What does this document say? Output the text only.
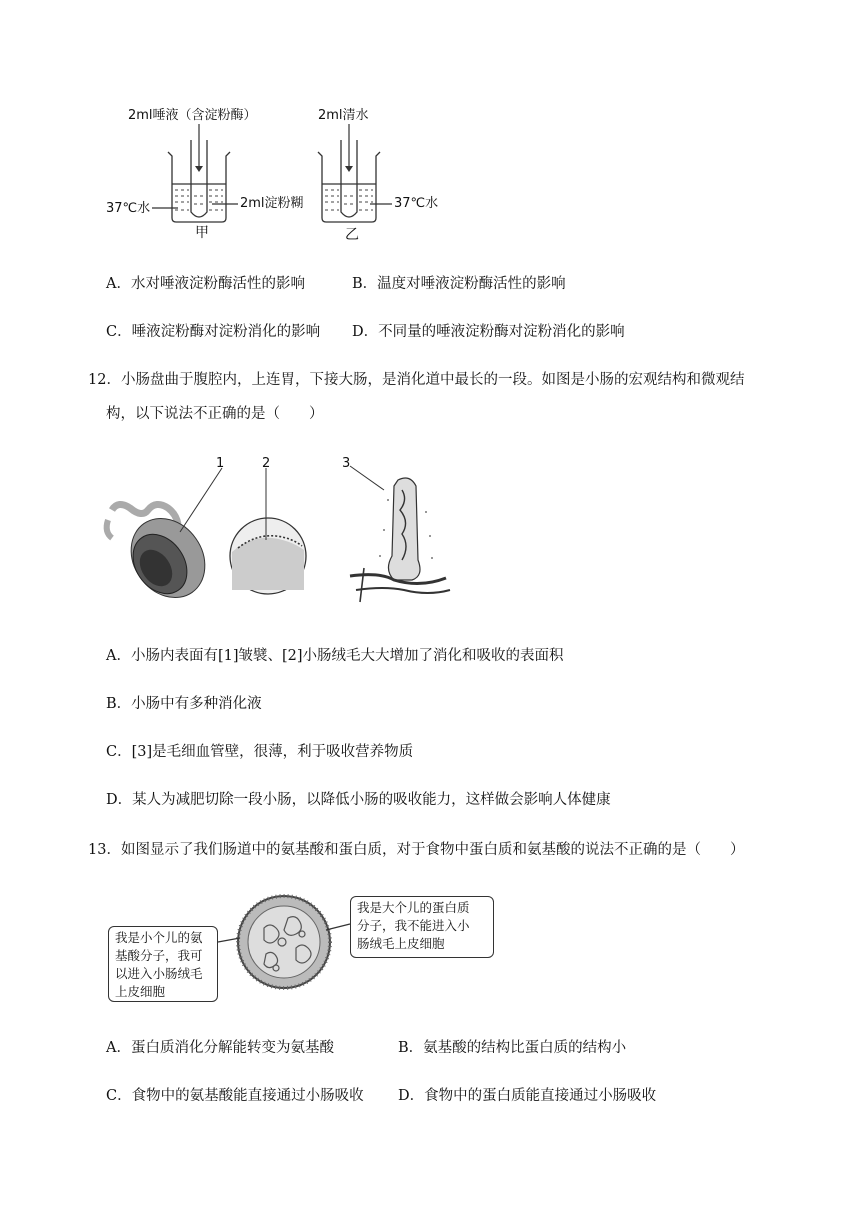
2ml唾液（含淀粉酶）	2ml清水
37℃水	2ml淀粉糊	37℃水
甲	乙
A．水对唾液淀粉酶活性的影响	B．温度对唾液淀粉酶活性的影响
C．唾液淀粉酶对淀粉消化的影响 D．不同量的唾液淀粉酶对淀粉消化的影响
12．小肠盘曲于腹腔内，上连胃，下接大肠，是消化道中最长的一段。如图是小肠的宏观结构和微观结
构，以下说法不正确的是（　　）
1	2	3
A．小肠内表面有[1]皱襞、[2]小肠绒毛大大增加了消化和吸收的表面积
B．小肠中有多种消化液
C．[3]是毛细血管壁，很薄，利于吸收营养物质
D．某人为减肥切除一段小肠，以降低小肠的吸收能力，这样做会影响人体健康
13．如图显示了我们肠道中的氨基酸和蛋白质，对于食物中蛋白质和氨基酸的说法不正确的是（　　）
我是小个儿的氨
基酸分子，我可
以进入小肠绒毛
上皮细胞
我是大个儿的蛋白质
分子，我不能进入小
肠绒毛上皮细胞
A．蛋白质消化分解能转变为氨基酸	B．氨基酸的结构比蛋白质的结构小
C．食物中的氨基酸能直接通过小肠吸收 D．食物中的蛋白质能直接通过小肠吸收
